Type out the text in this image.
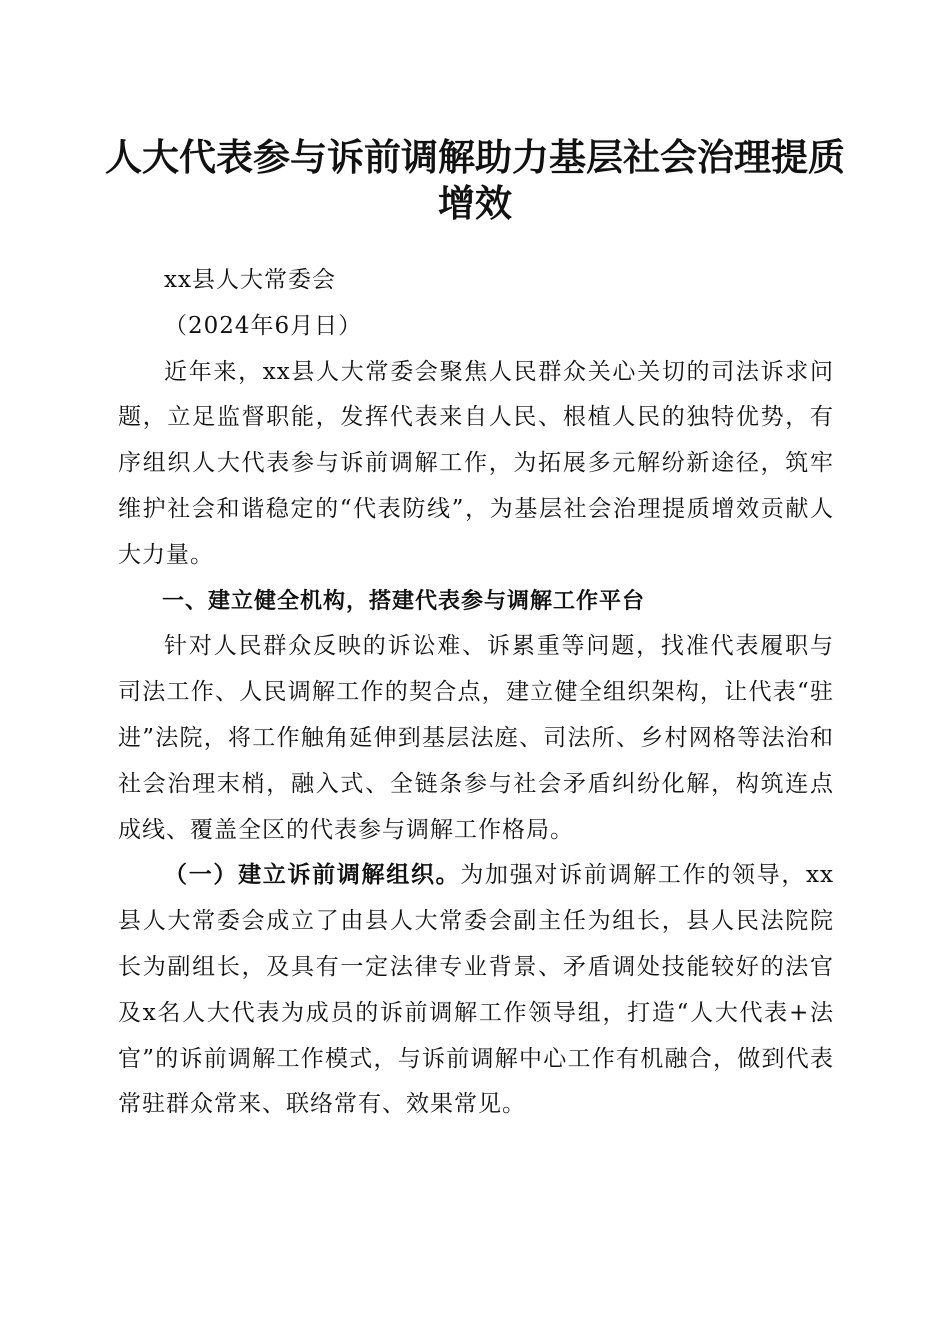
人大代表参与诉前调解助力基层社会治理提质增效

xx县人大常委会

（2024年6月日）

近年来，xx县人大常委会聚焦人民群众关心关切的司法诉求问题，立足监督职能，发挥代表来自人民、根植人民的独特优势，有序组织人大代表参与诉前调解工作，为拓展多元解纷新途径，筑牢维护社会和谐稳定的“代表防线”，为基层社会治理提质增效贡献人大力量。

一、建立健全机构，搭建代表参与调解工作平台

针对人民群众反映的诉讼难、诉累重等问题，找准代表履职与司法工作、人民调解工作的契合点，建立健全组织架构，让代表“驻进”法院，将工作触角延伸到基层法庭、司法所、乡村网格等法治和社会治理末梢，融入式、全链条参与社会矛盾纠纷化解，构筑连点成线、覆盖全区的代表参与调解工作格局。

（一）建立诉前调解组织。为加强对诉前调解工作的领导，xx县人大常委会成立了由县人大常委会副主任为组长，县人民法院院长为副组长，及具有一定法律专业背景、矛盾调处技能较好的法官及x名人大代表为成员的诉前调解工作领导组，打造“人大代表+法官”的诉前调解工作模式，与诉前调解中心工作有机融合，做到代表常驻群众常来、联络常有、效果常见。
